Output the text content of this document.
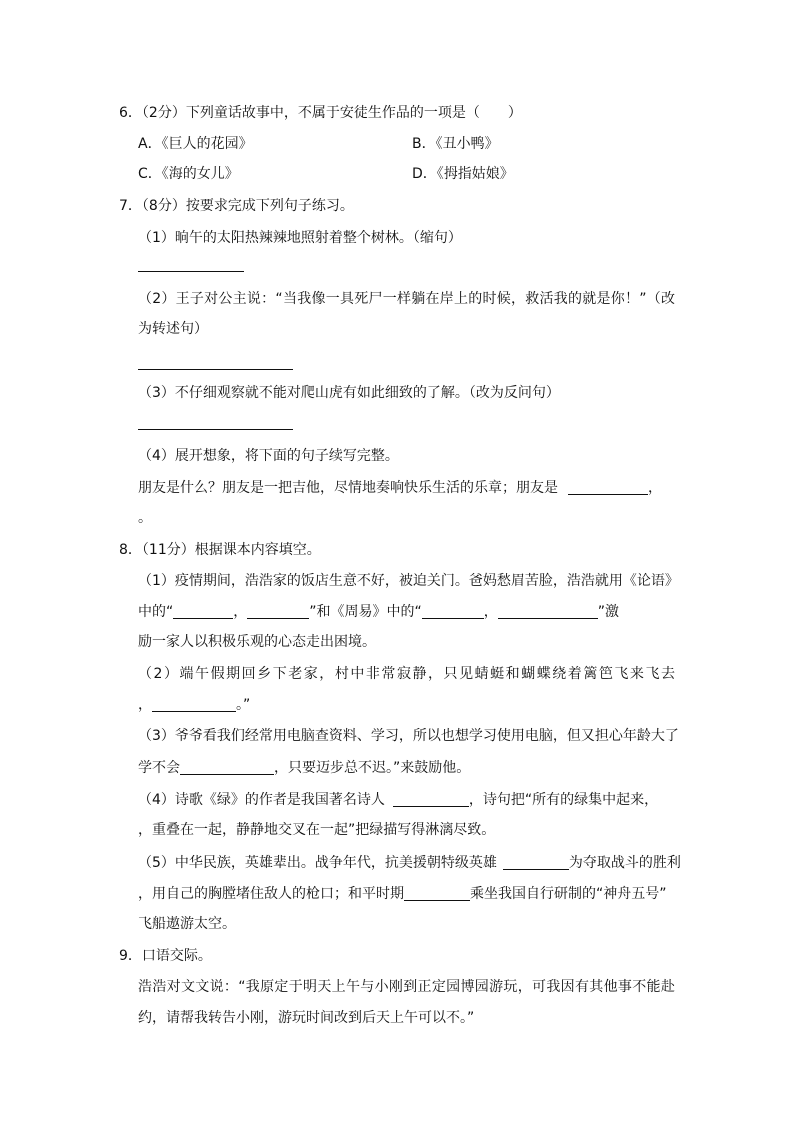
6．（2分）下列童话故事中，不属于安徒生作品的一项是（　　）
A．《巨人的花园》	B．《丑小鸭》
C．《海的女儿》	D．《拇指姑娘》
7．（8分）按要求完成下列句子练习。
（1）晌午的太阳热辣辣地照射着整个树林。（缩句）
（ 2 ） 王 子 对 公 主 说 ： “ 当 我 像 一 具 死 尸 一 样 躺 在 岸 上 的 时 候 ， 救 活 我 的 就 是 你 ！ ” （ 改
为转述句）
（3）不仔细观察就不能对爬山虎有如此细致的了解。（改为反问句）
（4）展开想象，将下面的句子续写完整。
朋友是什么？朋友是一把吉他，尽情地奏响快乐生活的乐章；朋友是	，
。
8．（11分）根据课本内容填空。
（ 1 ） 疫 情 期 间 ， 浩 浩 家 的 饭 店 生 意 不 好 ， 被 迫 关 门 。 爸 妈 愁 眉 苦 脸 ， 浩 浩 就 用 《 论 语 》
中的“	，	”和《周易》中的“	，	”激
励一家人以积极乐观的心态走出困境。
（ 2 ） 端 午 假 期 回 乡 下 老 家 ， 村 中 非 常 寂 静 ， 只 见 蜻 蜓 和 蝴 蝶 绕 着 篱 笆 飞 来 飞 去
，	。”
（ 3 ） 爷 爷 看 我 们 经 常 用 电 脑 查 资 料 、 学 习 ， 所 以 也 想 学 习 使 用 电 脑 ， 但 又 担 心 年 龄 大 了
学不会	，只要迈步总不迟。”来鼓励他。
（4）诗歌《绿》的作者是我国著名诗人	，诗句把“所有的绿集中起来，
，重叠在一起，静静地交叉在一起”把绿描写得淋漓尽致。
（5）中华民族，英雄辈出。战争年代，抗美援朝特级英雄	为夺取战斗的胜利
，用自己的胸膛堵住敌人的枪口；和平时期	乘坐我国自行研制的“神舟五号”
飞船遨游太空。
9．口语交际。
浩 浩 对 文 文 说 ： “ 我 原 定 于 明 天 上 午 与 小 刚 到 正 定 园 博 园 游 玩 ， 可 我 因 有 其 他 事 不 能 赴
约，请帮我转告小刚，游玩时间改到后天上午可以不。”
